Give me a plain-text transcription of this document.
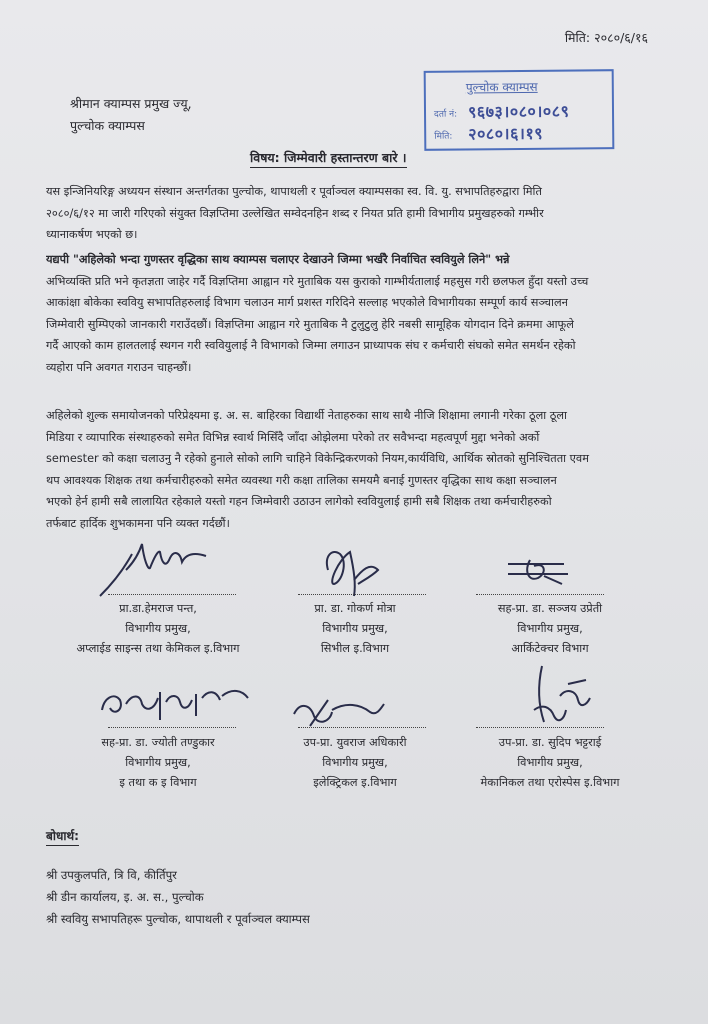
मिति: २०८०/६/१६
श्रीमान क्याम्पस प्रमुख ज्यू,
पुल्चोक क्याम्पस
पुल्चोक क्याम्पस
दर्ता नं: ९६७३।०८०।०८९
मिति: २०८०।६।१९
विषय: जिम्मेवारी हस्तान्तरण बारे ।
यस इन्जिनियरिङ्ग अध्ययन संस्थान अन्तर्गतका पुल्चोक, थापाथली र पूर्वाञ्चल क्याम्पसका स्व. वि. यु. सभापतिहरुद्वारा मिति
२०८०/६/१२ मा जारी गरिएको संयुक्त विज्ञप्तिमा उल्लेखित सम्वेदनहिन शब्द र नियत प्रति हामी विभागीय प्रमुखहरुको गम्भीर
ध्यानाकर्षण भएको छ।
यद्यपी "अहिलेको भन्दा गुणस्तर वृद्धिका साथ क्याम्पस चलाएर देखाउने जिम्मा भर्खरै निर्वाचित स्ववियुले लिने" भन्ने
अभिव्यक्ति प्रति भने कृतज्ञता जाहेर गर्दै विज्ञप्तिमा आह्वान गरे मुताबिक यस कुराको गाम्भीर्यतालाई महसुस गरी छलफल हुँदा यस्तो उच्च
आकांक्षा बोकेका स्ववियु सभापतिहरुलाई विभाग चलाउन मार्ग प्रशस्त गरिदिने सल्लाह भएकोले विभागीयका सम्पूर्ण कार्य सञ्चालन
जिम्मेवारी सुम्पिएको जानकारी गराउँदछौं। विज्ञप्तिमा आह्वान गरे मुताबिक नै टुलुटुलु हेरि नबसी सामूहिक योगदान दिने क्रममा आफूले
गर्दै आएको काम हालतलाई स्थगन गरी स्ववियुलाई नै विभागको जिम्मा लगाउन प्राध्यापक संघ र कर्मचारी संघको समेत समर्थन रहेको
व्यहोरा पनि अवगत गराउन चाहन्छौं।
अहिलेको शुल्क समायोजनको परिप्रेक्ष्यमा इ. अ. स. बाहिरका विद्यार्थी नेताहरुका साथ साथै नीजि शिक्षामा लगानी गरेका ठूला ठूला
मिडिया र व्यापारिक संस्थाहरुको समेत विभिन्न स्वार्थ मिसिँदै जाँदा ओझेलमा परेको तर सवैभन्दा महत्वपूर्ण मुद्दा भनेको अर्को
semester को कक्षा चलाउनु नै रहेको हुनाले सोको लागि चाहिने विकेन्द्रिकरणको नियम,कार्यविधि, आर्थिक स्रोतको सुनिश्चितता एवम
थप आवश्यक शिक्षक तथा कर्मचारीहरुको समेत व्यवस्था गरी कक्षा तालिका समयमै बनाई गुणस्तर वृद्धिका साथ कक्षा सञ्चालन
भएको हेर्न हामी सबै लालायित रहेकाले यस्तो गहन जिम्मेवारी उठाउन लागेको स्ववियुलाई हामी सबै शिक्षक तथा कर्मचारीहरुको
तर्फबाट हार्दिक शुभकामना पनि व्यक्त गर्दछौं।
प्रा.डा.हेमराज पन्त,
विभागीय प्रमुख,
अप्लाईड साइन्स तथा केमिकल इ.विभाग
प्रा. डा. गोकर्ण मोत्रा
विभागीय प्रमुख,
सिभील इ.विभाग
सह-प्रा. डा. सञ्जय उप्रेती
विभागीय प्रमुख,
आर्किटेक्चर विभाग
सह-प्रा. डा. ज्योती तण्डुकार
विभागीय प्रमुख,
इ तथा क इ विभाग
उप-प्रा. युवराज अधिकारी
विभागीय प्रमुख,
इलेक्ट्रिकल इ.विभाग
उप-प्रा. डा. सुदिप भट्टराई
विभागीय प्रमुख,
मेकानिकल तथा एरोस्पेस इ.विभाग
बोधार्थ:
श्री उपकुलपति, त्रि वि, कीर्तिपुर
श्री डीन कार्यालय, इ. अ. स., पुल्चोक
श्री स्ववियु सभापतिहरू पुल्चोक, थापाथली र पूर्वाञ्चल क्याम्पस
